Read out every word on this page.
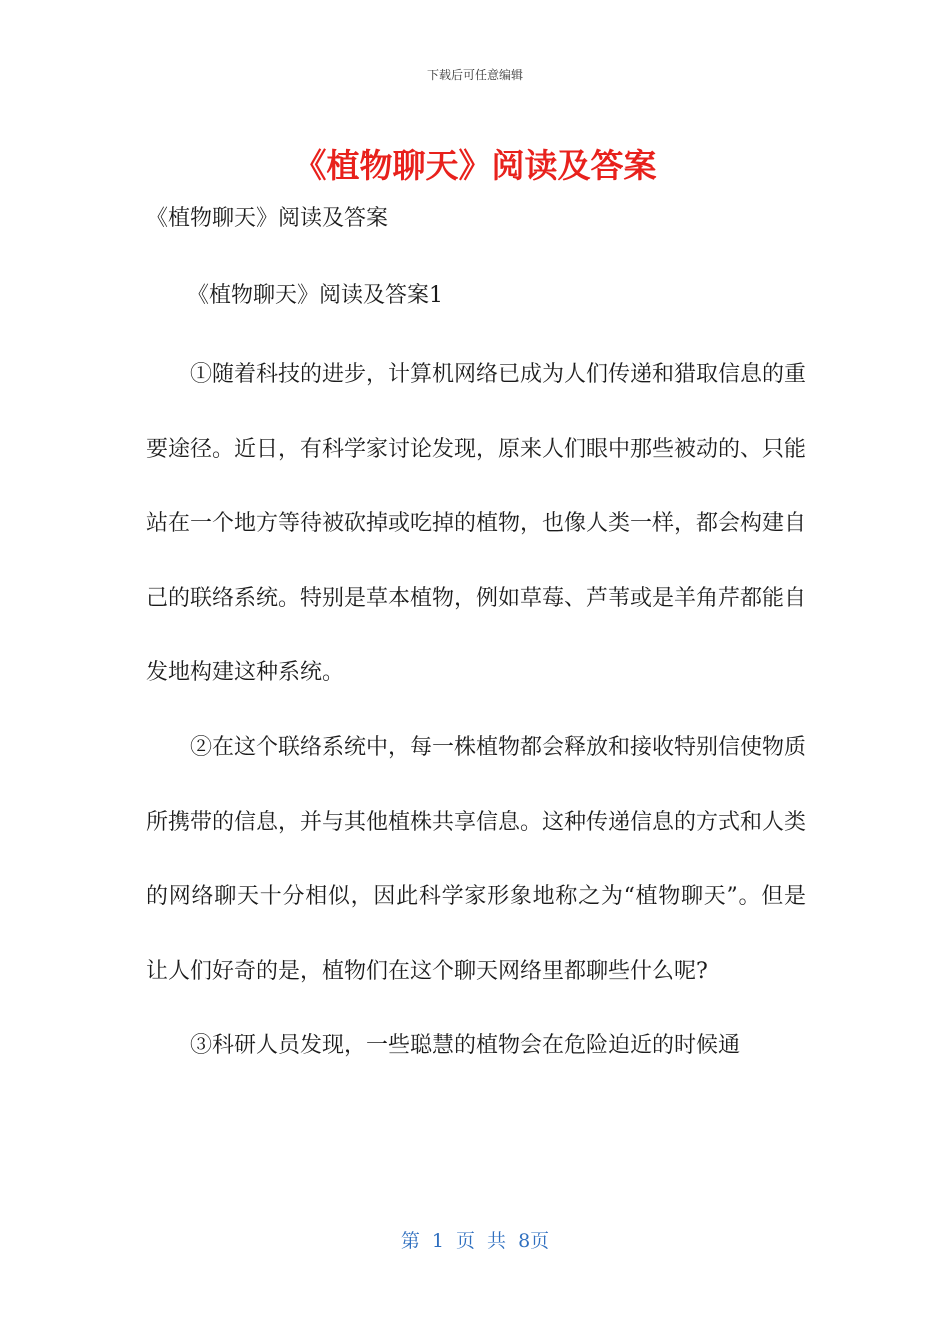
下载后可任意编辑
《植物聊天》阅读及答案

《植物聊天》阅读及答案

《植物聊天》阅读及答案1

①随着科技的进步，计算机网络已成为人们传递和猎取信息的重要途径。近日，有科学家讨论发现，原来人们眼中那些被动的、只能站在一个地方等待被砍掉或吃掉的植物，也像人类一样，都会构建自己的联络系统。特别是草本植物，例如草莓、芦苇或是羊角芹都能自发地构建这种系统。

②在这个联络系统中，每一株植物都会释放和接收特别信使物质所携带的信息，并与其他植株共享信息。这种传递信息的方式和人类的网络聊天十分相似，因此科学家形象地称之为“植物聊天”。但是让人们好奇的是，植物们在这个聊天网络里都聊些什么呢?

③科研人员发现，一些聪慧的植物会在危险迫近的时候通

第 1 页 共 8页
